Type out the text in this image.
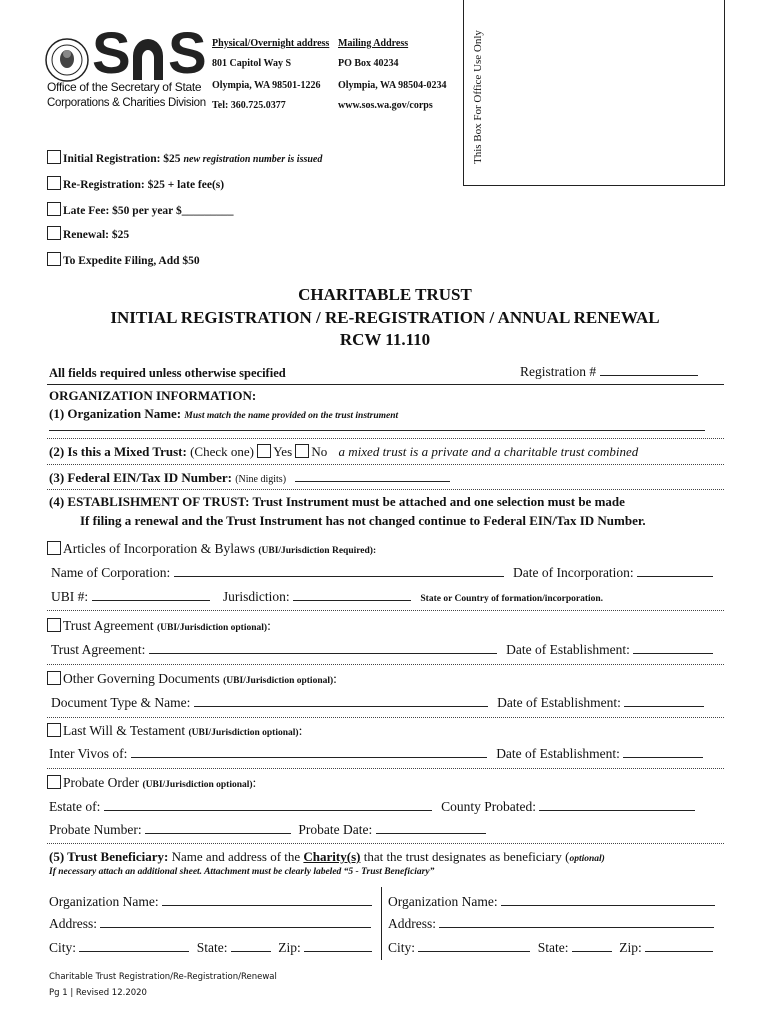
S S
Office of the Secretary of State
Corporations & Charities Division
Physical/Overnight address
801 Capitol Way S
Olympia, WA 98501-1226
Tel: 360.725.0377
Mailing Address
PO Box 40234
Olympia, WA 98504-0234
www.sos.wa.gov/corps	This Box For Office Use Only
Initial Registration: $25 new registration number is issued
Re-Registration: $25 + late fee(s)
Late Fee: $50 per year $_________
Renewal: $25
To Expedite Filing, Add $50
CHARITABLE TRUST
INITIAL REGISTRATION / RE-REGISTRATION / ANNUAL RENEWAL
RCW 11.110
All fields required unless otherwise specified	Registration #
ORGANIZATION INFORMATION:
(1) Organization Name: Must match the name provided on the trust instrument
(2) Is this a Mixed Trust: (Check one) Yes No a mixed trust is a private and a charitable trust combined
(3) Federal EIN/Tax ID Number: (Nine digits)
(4) ESTABLISHMENT OF TRUST: Trust Instrument must be attached and one selection must be made
If filing a renewal and the Trust Instrument has not changed continue to Federal EIN/Tax ID Number.
Articles of Incorporation & Bylaws (UBI/Jurisdiction Required):
Name of Corporation:	Date of Incorporation:
UBI #:	Jurisdiction:	State or Country of formation/incorporation.
Trust Agreement (UBI/Jurisdiction optional):
Trust Agreement:	Date of Establishment:
Other Governing Documents (UBI/Jurisdiction optional):
Document Type & Name:	Date of Establishment:
Last Will & Testament (UBI/Jurisdiction optional):
Inter Vivos of:	Date of Establishment:
Probate Order (UBI/Jurisdiction optional):
Estate of:	County Probated:
Probate Number:	Probate Date:
(5) Trust Beneficiary: Name and address of the Charity(s) that the trust designates as beneficiary (optional)
If necessary attach an additional sheet. Attachment must be clearly labeled “5 - Trust Beneficiary”
Organization Name:
Address:
City:	State:	Zip:
Organization Name:
Address:
City:	State:	Zip:
Charitable Trust Registration/Re-Registration/Renewal
Pg 1 | Revised 12.2020
